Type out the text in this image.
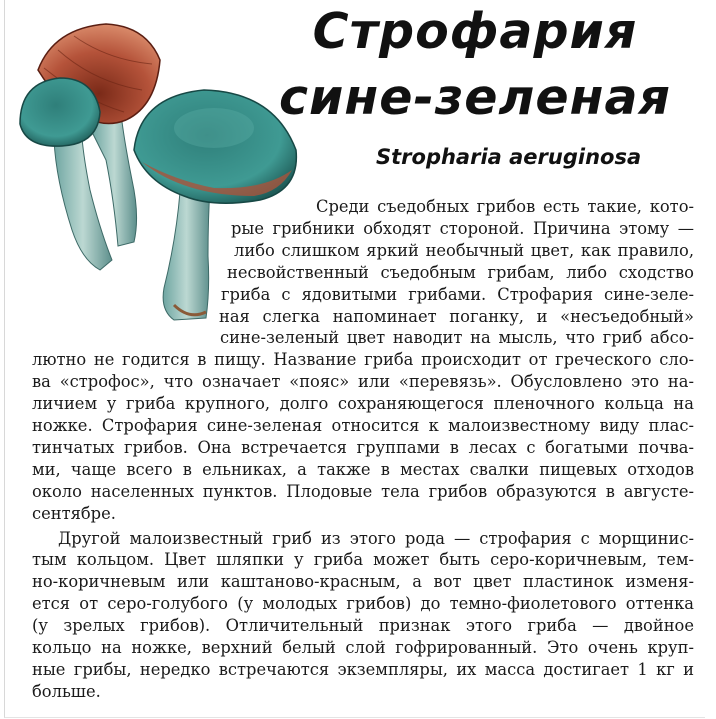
Строфария
сине-зеленая
Stropharia aeruginosa
Среди съедобных грибов есть такие, кото-
рые грибники обходят стороной. Причина этому —
либо слишком яркий необычный цвет, как правило,
несвойственный съедобным грибам, либо сходство
гриба с ядовитыми грибами. Строфария сине-зеле-
ная слегка напоминает поганку, и «несъедобный»
сине-зеленый цвет наводит на мысль, что гриб абсо-
лютно не годится в пищу. Название гриба происходит от греческого сло-
ва «строфос», что означает «пояс» или «перевязь». Обусловлено это на-
личием у гриба крупного, долго сохраняющегося пленочного кольца на
ножке. Строфария сине-зеленая относится к малоизвестному виду плас-
тинчатых грибов. Она встречается группами в лесах с богатыми почва-
ми, чаще всего в ельниках, а также в местах свалки пищевых отходов
около населенных пунктов. Плодовые тела грибов образуются в августе-
сентябре.
Другой малоизвестный гриб из этого рода — строфария с морщинис-
тым кольцом. Цвет шляпки у гриба может быть серо-коричневым, тем-
но-коричневым или каштаново-красным, а вот цвет пластинок изменя-
ется от серо-голубого (у молодых грибов) до темно-фиолетового оттенка
(у зрелых грибов). Отличительный признак этого гриба — двойное
кольцо на ножке, верхний белый слой гофрированный. Это очень круп-
ные грибы, нередко встречаются экземпляры, их масса достигает 1 кг и
больше.
